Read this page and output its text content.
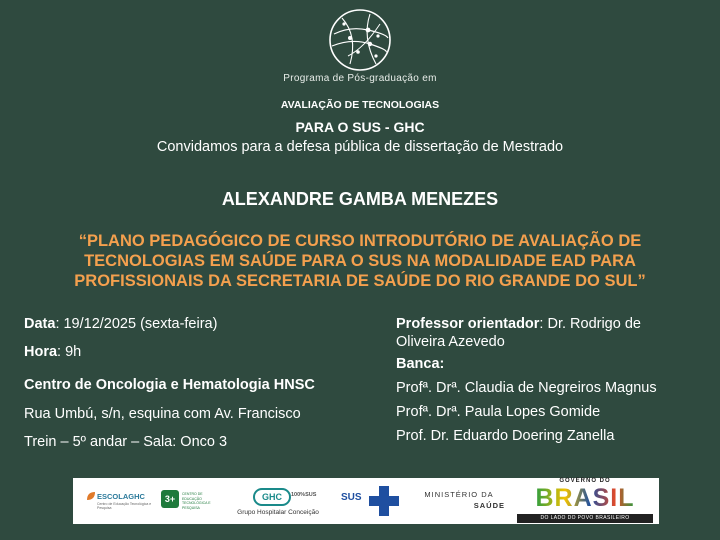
Programa de Pós-graduação em
AVALIAÇÃO DE TECNOLOGIAS
PARA O SUS - GHC
Convidamos para a defesa pública de dissertação de Mestrado
ALEXANDRE GAMBA MENEZES
“PLANO PEDAGÓGICO DE CURSO INTRODUTÓRIO DE AVALIAÇÃO DE
TECNOLOGIAS EM SAÚDE PARA O SUS NA MODALIDADE EAD PARA
PROFISSIONAIS DA SECRETARIA DE SAÚDE DO RIO GRANDE DO SUL”
Data: 19/12/2025 (sexta-feira)
Hora: 9h
Centro de Oncologia e Hematologia HNSC
Rua Umbú, s/n, esquina com Av. Francisco
Trein – 5º andar – Sala: Onco 3
Professor orientador: Dr. Rodrigo de
Oliveira Azevedo
Banca:
Profª. Drª. Claudia de Negreiros Magnus
Profª. Drª. Paula Lopes Gomide
Prof. Dr. Eduardo Doering Zanella
ESCOLAGHC
Centro de Educação Tecnológica e Pesquisa
3+	CENTRO DE EDUCAÇÃO TECNOLÓGICA E PESQUISA
GHC	100%SUS
Grupo Hospitalar Conceição
SUS	MINISTÉRIO DA
SAÚDE
GOVERNO DO
BRASIL
DO LADO DO POVO BRASILEIRO
